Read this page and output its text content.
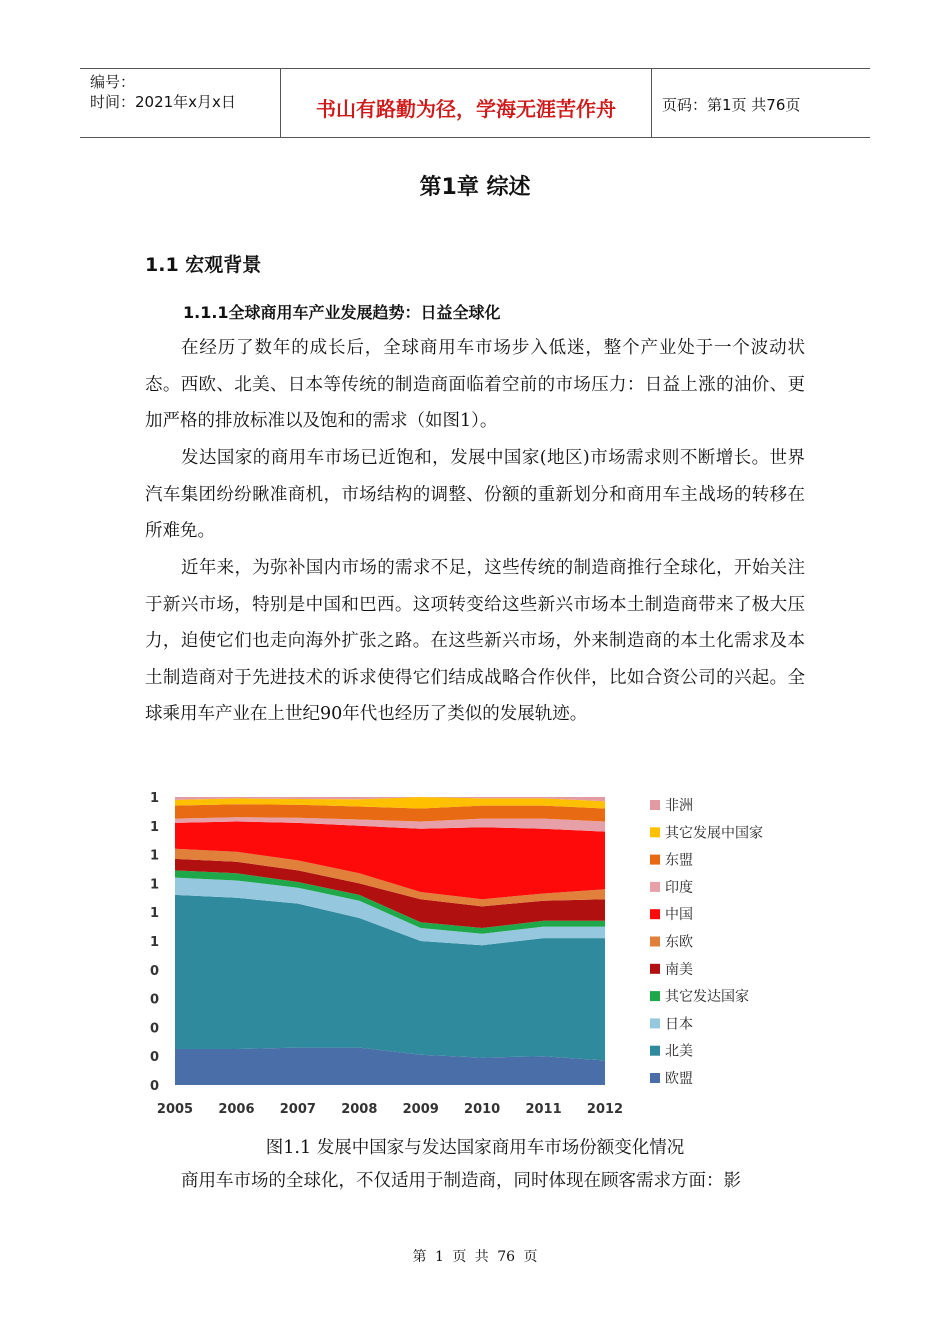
编号：
时间：2021年x月x日	书山有路勤为径，学海无涯苦作舟	页码：第1页 共76页
第1章 综述
1.1 宏观背景
1.1.1全球商用车产业发展趋势：日益全球化

在经历了数年的成长后，全球商用车市场步入低迷，整个产业处于一个波动状态。西欧、北美、日本等传统的制造商面临着空前的市场压力：日益上涨的油价、更加严格的排放标准以及饱和的需求（如图1）。

发达国家的商用车市场已近饱和，发展中国家(地区)市场需求则不断增长。世界汽车集团纷纷瞅准商机，市场结构的调整、份额的重新划分和商用车主战场的转移在所难免。

近年来，为弥补国内市场的需求不足，这些传统的制造商推行全球化，开始关注于新兴市场，特别是中国和巴西。这项转变给这些新兴市场本土制造商带来了极大压力，迫使它们也走向海外扩张之路。在这些新兴市场，外来制造商的本土化需求及本土制造商对于先进技术的诉求使得它们结成战略合作伙伴，比如合资公司的兴起。全球乘用车产业在上世纪90年代也经历了类似的发展轨迹。

0
0
0
0
0
1
1
1
1
1
1
2005 2006 2007 2008 2009 2010 2011 2012
非洲
其它发展中国家
东盟
印度
中国
东欧
南美
其它发达国家
日本
北美
欧盟

图1.1 发展中国家与发达国家商用车市场份额变化情况

商用车市场的全球化，不仅适用于制造商，同时体现在顾客需求方面：影

第 1 页 共 76 页
